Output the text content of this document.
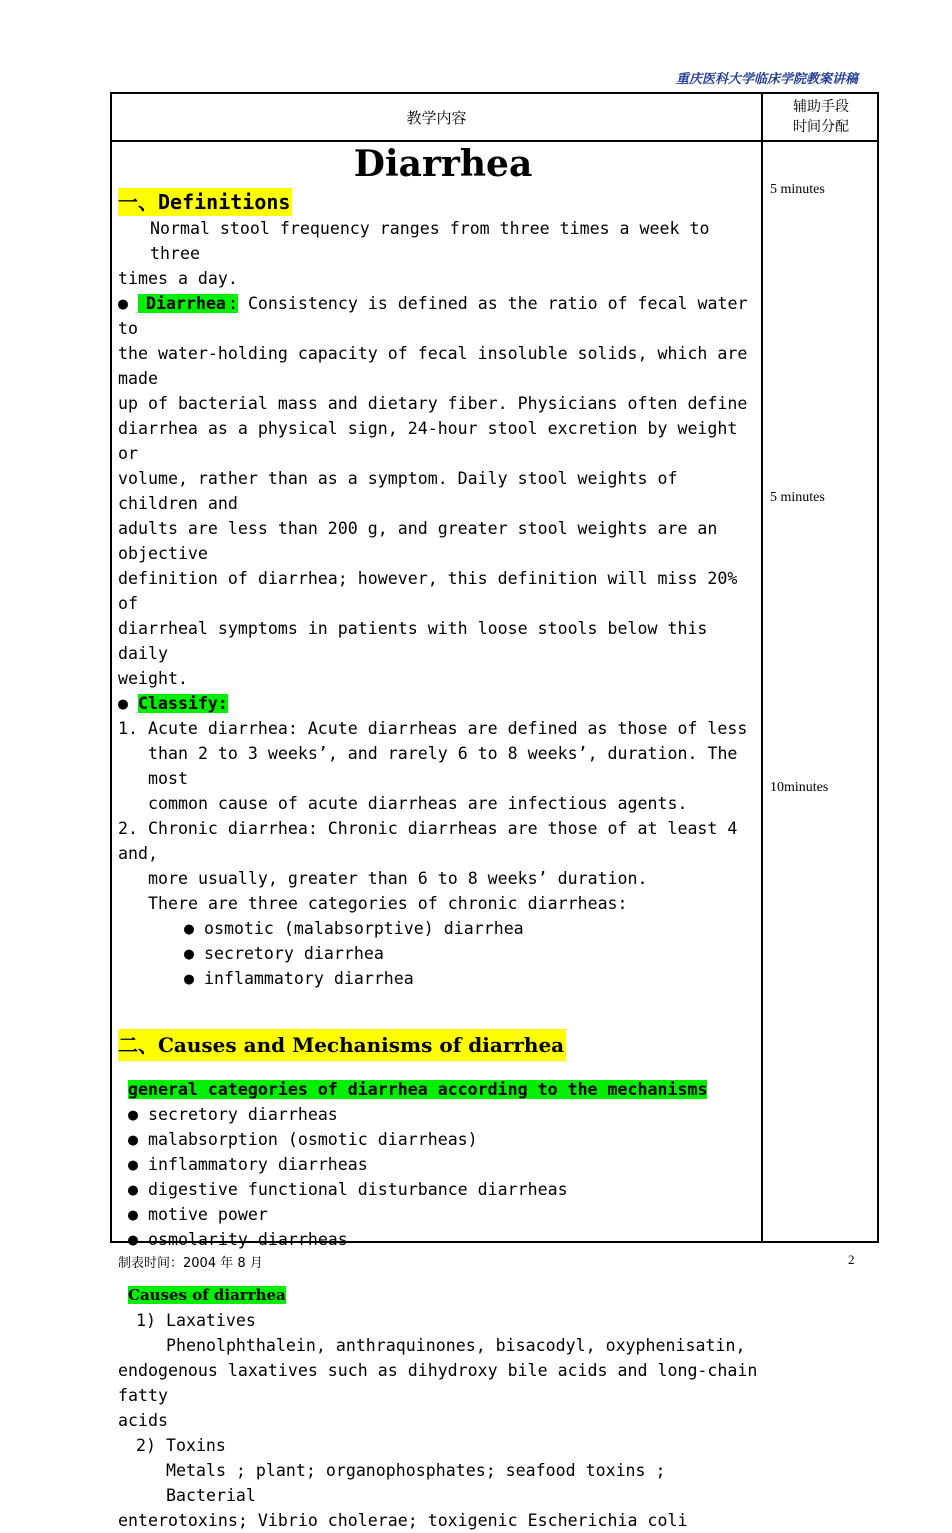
重庆医科大学临床学院教案讲稿
教学内容
辅助手段
时间分配

Diarrhea

一、Definitions

Normal stool frequency ranges from three times a week to three

times a day.

● Diarrhea : Consistency is defined as the ratio of fecal water to

the water-holding capacity of fecal insoluble solids, which are made

up of bacterial mass and dietary fiber. Physicians often define

diarrhea as a physical sign, 24-hour stool excretion by weight or

volume, rather than as a symptom. Daily stool weights of children and

adults are less than 200 g, and greater stool weights are an objective

definition of diarrhea; however, this definition will miss 20% of

diarrheal symptoms in patients with loose stools below this daily

weight.

● Classify:

1. Acute diarrhea: Acute diarrheas are defined as those of less

than 2 to 3 weeks’, and rarely 6 to 8 weeks’, duration. The most

common cause of acute diarrheas are infectious agents.

2. Chronic diarrhea: Chronic diarrheas are those of at least 4 and,

more usually, greater than 6 to 8 weeks’ duration.

There are three categories of chronic diarrheas:

● osmotic (malabsorptive) diarrhea

● secretory diarrhea

● inflammatory diarrhea

二、Causes and Mechanisms of diarrhea

general categories of diarrhea according to the mechanisms

● secretory diarrheas

● malabsorption (osmotic diarrheas)

● inflammatory diarrheas

● digestive functional disturbance diarrheas

● motive power

● osmolarity diarrheas

Causes of diarrhea

1) Laxatives

Phenolphthalein, anthraquinones, bisacodyl, oxyphenisatin,

endogenous laxatives such as dihydroxy bile acids and long-chain fatty

acids

2) Toxins

Metals ; plant; organophosphates; seafood toxins ; Bacterial

enterotoxins; Vibrio cholerae; toxigenic Escherichia coli

5 minutes
5 minutes
10minutes
制表时间：2004 年 8 月	2
